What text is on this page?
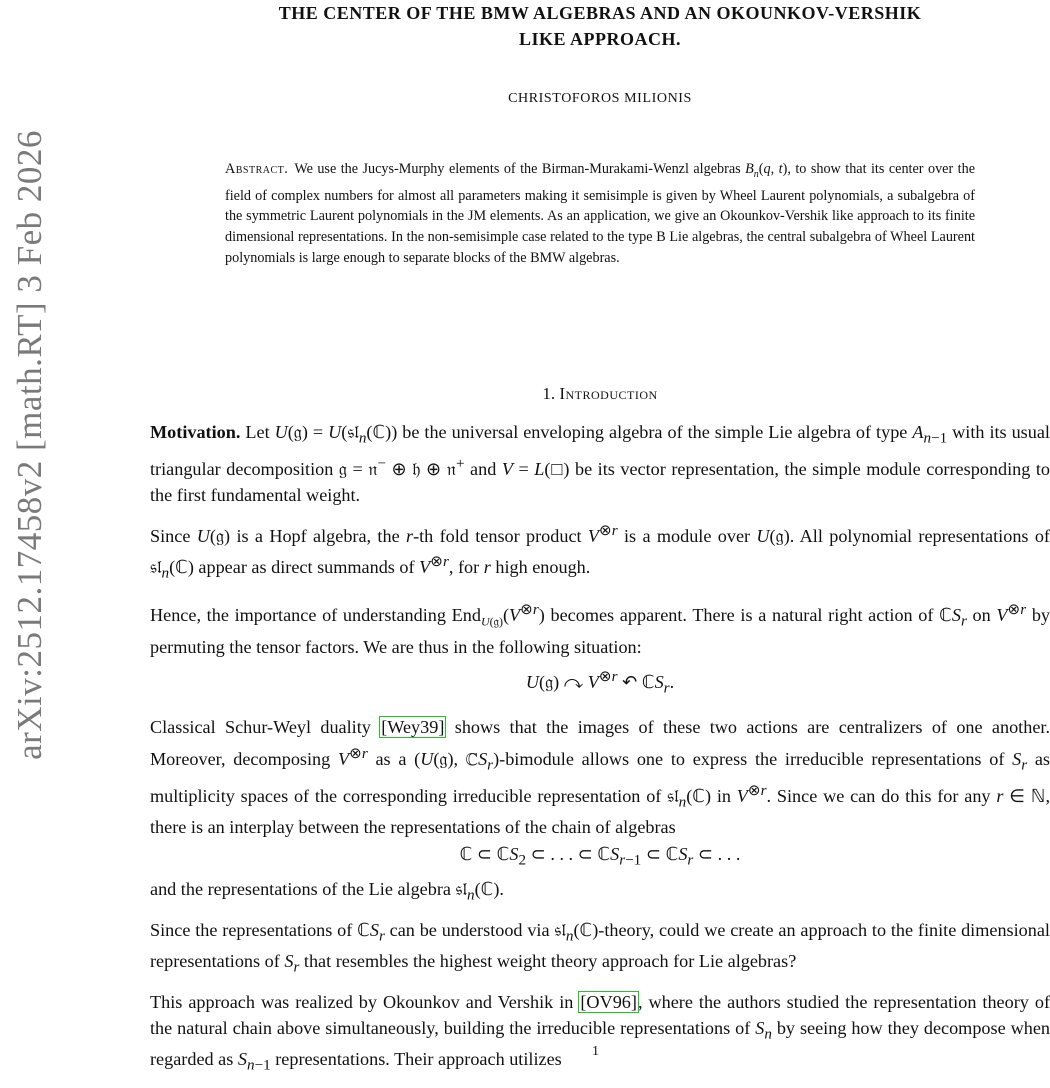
arXiv:2512.17458v2 [math.RT] 3 Feb 2026
THE CENTER OF THE BMW ALGEBRAS AND AN OKOUNKOV-VERSHIK
LIKE APPROACH.
CHRISTOFOROS MILIONIS
Abstract. We use the Jucys-Murphy elements of the Birman-Murakami-Wenzl algebras $B_n(q$, t), to show that its center over the field of complex numbers for almost all parameters making it semisimple is given by Wheel Laurent polynomials, a subalgebra of the symmetric Laurent polynomials in the JM elements. As an application, we give an Okounkov-Vershik like approach to its finite dimensional representations. In the non-semisimple case related to the type B Lie algebras, the central subalgebra of Wheel Laurent polynomials is large enough to separate blocks of the BMW algebras.
1. Introduction

Motivation. Let U(𝔤) = U(𝔰𝔩$_n$(ℂ)) be the universal enveloping algebra of the simple Lie algebra of type $A_{n-1}$ with its usual triangular decomposition 𝔤 = 𝔫− ⊕ 𝔥 ⊕ 𝔫+ and V = L(□) be its vector representation, the simple module corresponding to the first fundamental weight.

Since U(𝔤) is a Hopf algebra, the r-th fold tensor product $V^{\otimes r}$ is a module over U(𝔤). All polynomial representations of 𝔰𝔩$_n$(ℂ) appear as direct summands of $V^{\otimes r}$, for r high enough.

Hence, the importance of understanding $End_{U(𝔤)}(V^{\otimes r})$ becomes apparent. There is a natural right action of ℂS$_r$ on $V^{\otimes r}$ by permuting the tensor factors. We are thus in the following situation:

U(𝔤) ↷ $V^{\otimes r}$ ↶ ℂS$_r$.

Classical Schur-Weyl duality [Wey39] shows that the images of these two actions are centralizers of one another. Moreover, decomposing $V^{\otimes r}$ as a (U(𝔤), ℂS$_r$)-bimodule allows one to express the irreducible representations of $S_r$ as multiplicity spaces of the corresponding irreducible representation of 𝔰𝔩$_n$(ℂ) in $V^{\otimes r}$. Since we can do this for any r ∈ ℕ, there is an interplay between the representations of the chain of algebras

ℂ ⊂ ℂS$_2$ ⊂ . . . ⊂ ℂS$_{r-1}$ ⊂ ℂS$_r$ ⊂ . . .

and the representations of the Lie algebra 𝔰𝔩$_n$(ℂ).

Since the representations of ℂS$_r$ can be understood via 𝔰𝔩$_n$(ℂ)-theory, could we create an approach to the finite dimensional representations of $S_r$ that resembles the highest weight theory approach for Lie algebras?

This approach was realized by Okounkov and Vershik in [OV96], where the authors studied the representation theory of the natural chain above simultaneously, building the irreducible representations of $S_n$ by seeing how they decompose when regarded as $S_{n-1}$ representations. Their approach utilizes	1
